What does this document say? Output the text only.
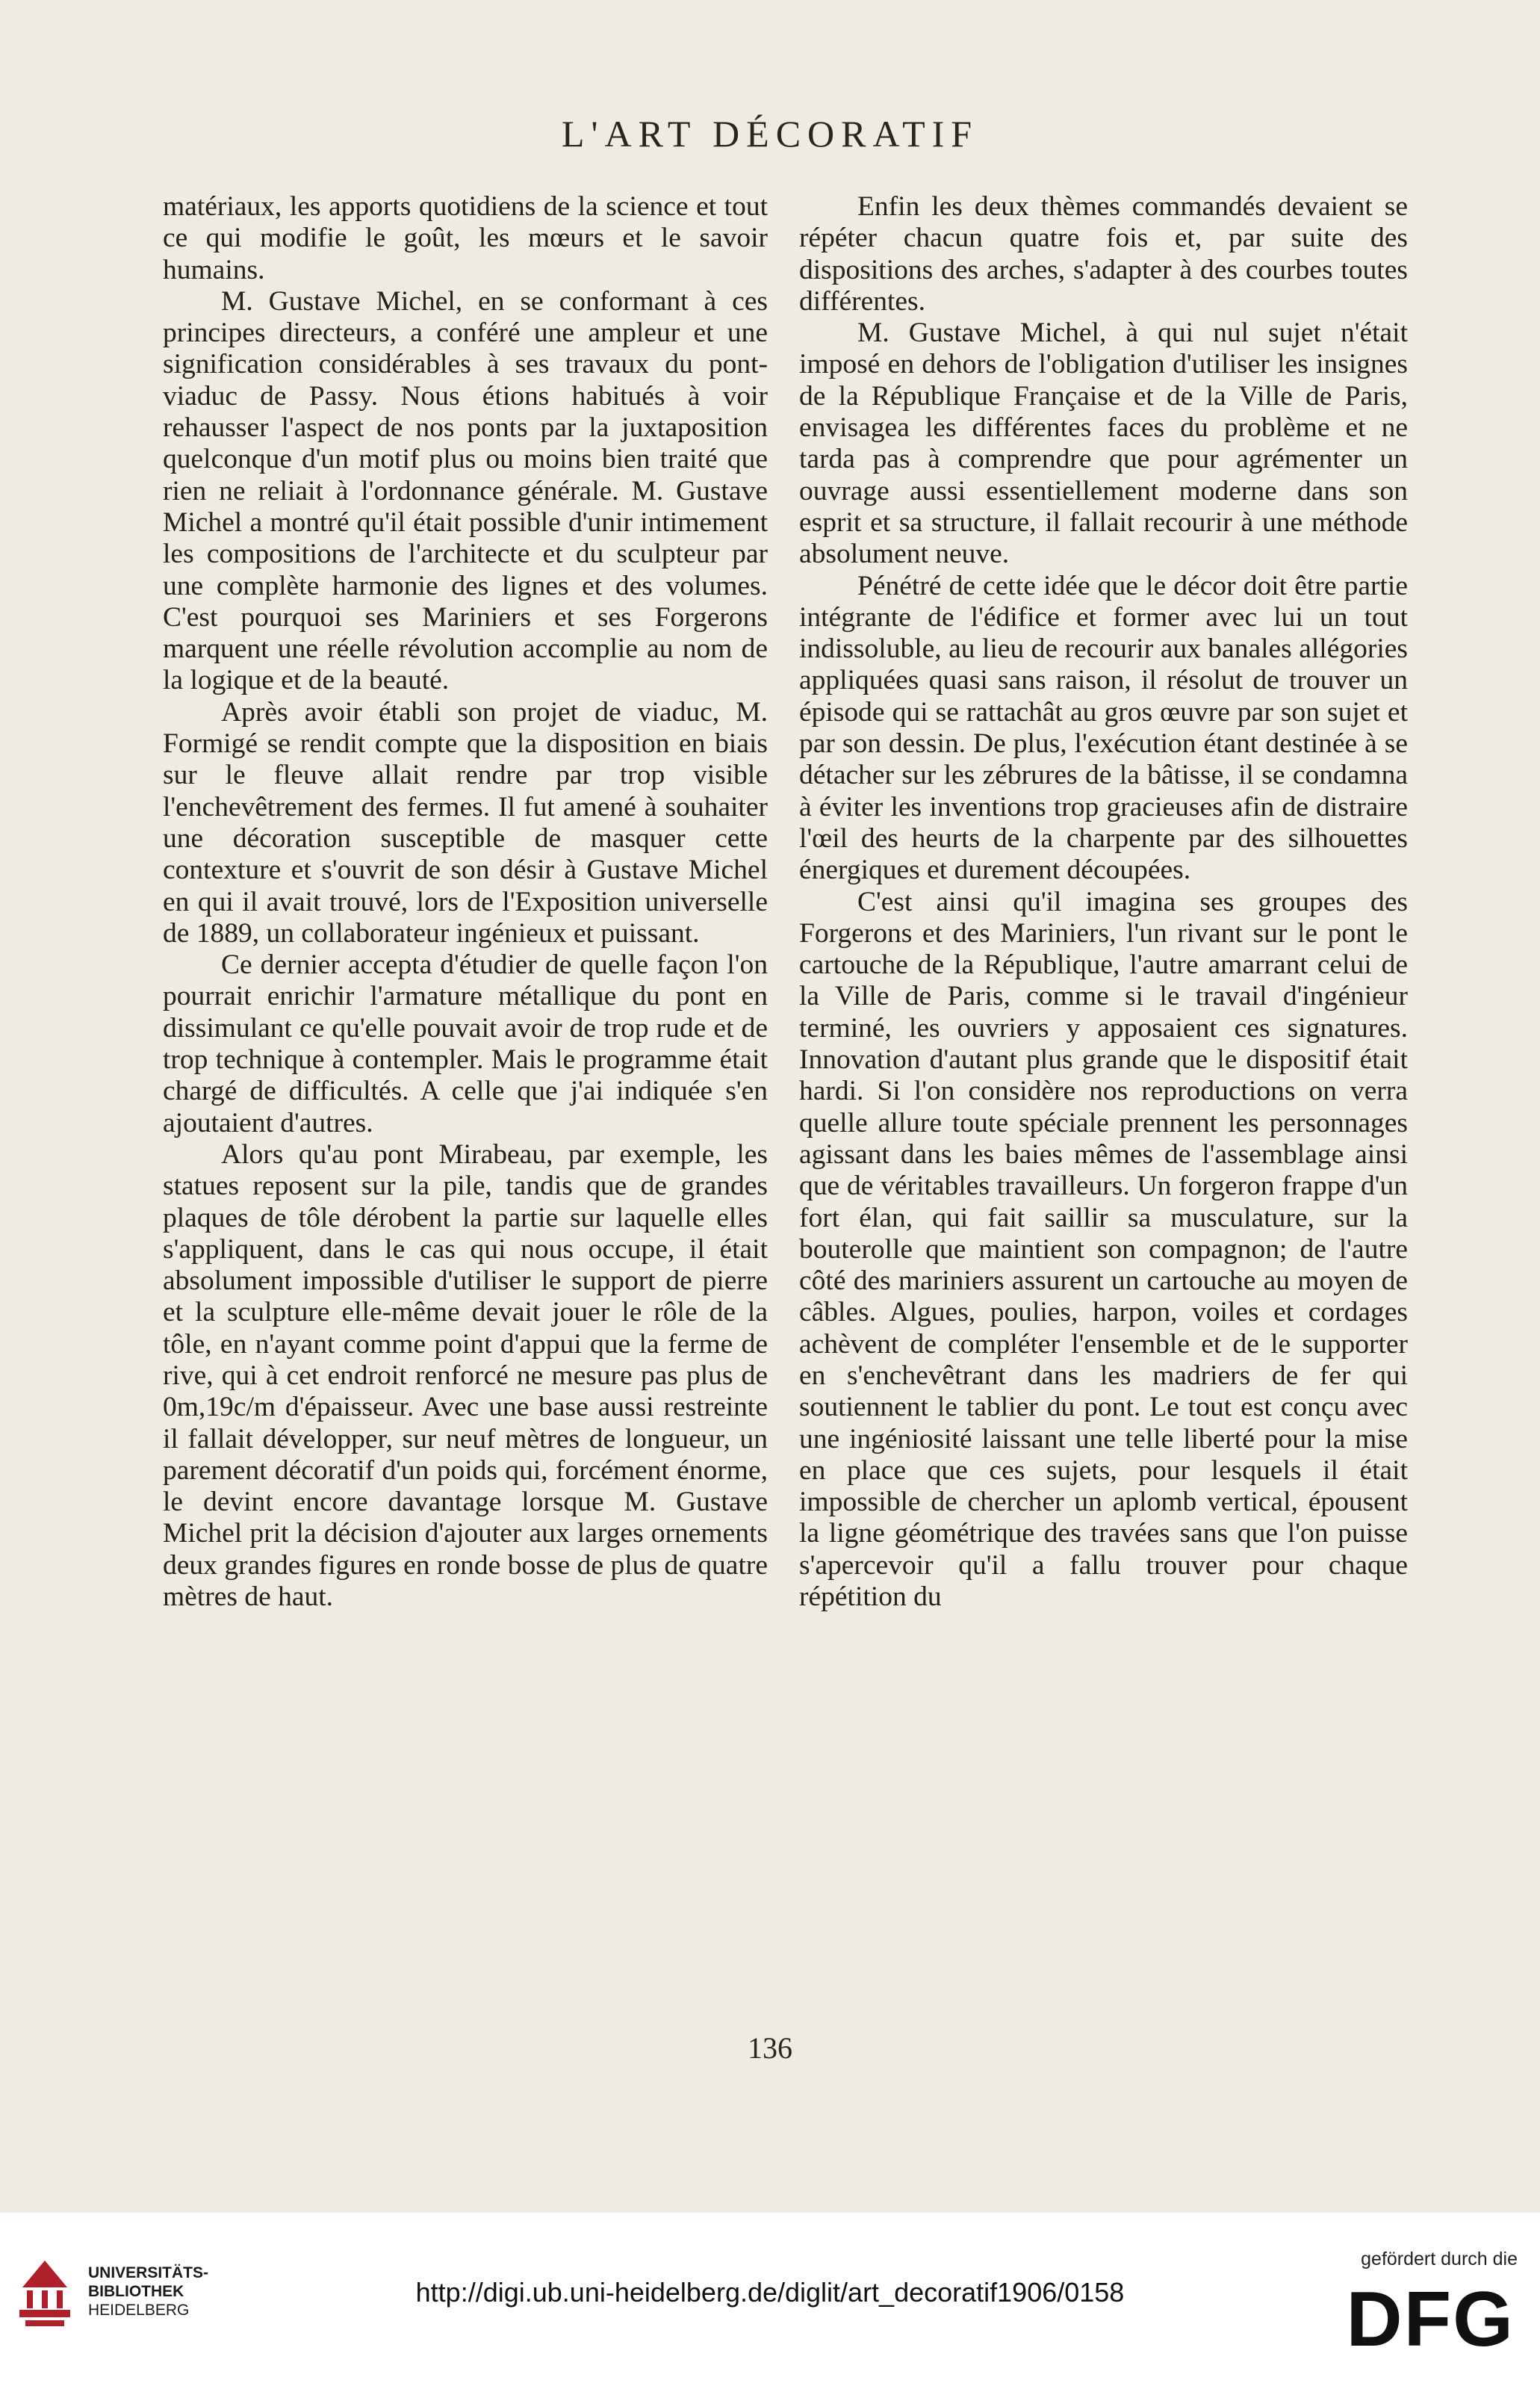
L'ART DÉCORATIF

matériaux, les apports quotidiens de la science et tout ce qui modifie le goût, les mœurs et le savoir humains.

M. Gustave Michel, en se conformant à ces principes directeurs, a conféré une ampleur et une signification considérables à ses travaux du pont-viaduc de Passy. Nous étions habitués à voir rehausser l'aspect de nos ponts par la juxtaposition quelconque d'un motif plus ou moins bien traité que rien ne reliait à l'ordonnance générale. M. Gustave Michel a montré qu'il était possible d'unir intimement les compositions de l'architecte et du sculpteur par une complète harmonie des lignes et des volumes. C'est pourquoi ses Mariniers et ses Forgerons marquent une réelle révolution accomplie au nom de la logique et de la beauté.

Après avoir établi son projet de viaduc, M. Formigé se rendit compte que la disposition en biais sur le fleuve allait rendre par trop visible l'enchevêtrement des fermes. Il fut amené à souhaiter une décoration susceptible de masquer cette contexture et s'ouvrit de son désir à Gustave Michel en qui il avait trouvé, lors de l'Exposition universelle de 1889, un collaborateur ingénieux et puissant.

Ce dernier accepta d'étudier de quelle façon l'on pourrait enrichir l'armature métallique du pont en dissimulant ce qu'elle pouvait avoir de trop rude et de trop technique à contempler. Mais le programme était chargé de difficultés. A celle que j'ai indiquée s'en ajoutaient d'autres.

Alors qu'au pont Mirabeau, par exemple, les statues reposent sur la pile, tandis que de grandes plaques de tôle dérobent la partie sur laquelle elles s'appliquent, dans le cas qui nous occupe, il était absolument impossible d'utiliser le support de pierre et la sculpture elle-même devait jouer le rôle de la tôle, en n'ayant comme point d'appui que la ferme de rive, qui à cet endroit renforcé ne mesure pas plus de 0m,19c/m d'épaisseur. Avec une base aussi restreinte il fallait développer, sur neuf mètres de longueur, un parement décoratif d'un poids qui, forcément énorme, le devint encore davantage lorsque M. Gustave Michel prit la décision d'ajouter aux larges ornements deux grandes figures en ronde bosse de plus de quatre mètres de haut.

Enfin les deux thèmes commandés devaient se répéter chacun quatre fois et, par suite des dispositions des arches, s'adapter à des courbes toutes différentes.

M. Gustave Michel, à qui nul sujet n'était imposé en dehors de l'obligation d'utiliser les insignes de la République Française et de la Ville de Paris, envisagea les différentes faces du problème et ne tarda pas à comprendre que pour agrémenter un ouvrage aussi essentiellement moderne dans son esprit et sa structure, il fallait recourir à une méthode absolument neuve.

Pénétré de cette idée que le décor doit être partie intégrante de l'édifice et former avec lui un tout indissoluble, au lieu de recourir aux banales allégories appliquées quasi sans raison, il résolut de trouver un épisode qui se rattachât au gros œuvre par son sujet et par son dessin. De plus, l'exécution étant destinée à se détacher sur les zébrures de la bâtisse, il se condamna à éviter les inventions trop gracieuses afin de distraire l'œil des heurts de la charpente par des silhouettes énergiques et durement découpées.

C'est ainsi qu'il imagina ses groupes des Forgerons et des Mariniers, l'un rivant sur le pont le cartouche de la République, l'autre amarrant celui de la Ville de Paris, comme si le travail d'ingénieur terminé, les ouvriers y apposaient ces signatures. Innovation d'autant plus grande que le dispositif était hardi. Si l'on considère nos reproductions on verra quelle allure toute spéciale prennent les personnages agissant dans les baies mêmes de l'assemblage ainsi que de véritables travailleurs. Un forgeron frappe d'un fort élan, qui fait saillir sa musculature, sur la bouterolle que maintient son compagnon; de l'autre côté des mariniers assurent un cartouche au moyen de câbles. Algues, poulies, harpon, voiles et cordages achèvent de compléter l'ensemble et de le supporter en s'enchevêtrant dans les madriers de fer qui soutiennent le tablier du pont. Le tout est conçu avec une ingéniosité laissant une telle liberté pour la mise en place que ces sujets, pour lesquels il était impossible de chercher un aplomb vertical, épousent la ligne géométrique des travées sans que l'on puisse s'apercevoir qu'il a fallu trouver pour chaque répétition du

136
UNIVERSITÄTS-
BIBLIOTHEK
HEIDELBERG
http://digi.ub.uni-heidelberg.de/diglit/art_decoratif1906/0158
gefördert durch die
DFG
